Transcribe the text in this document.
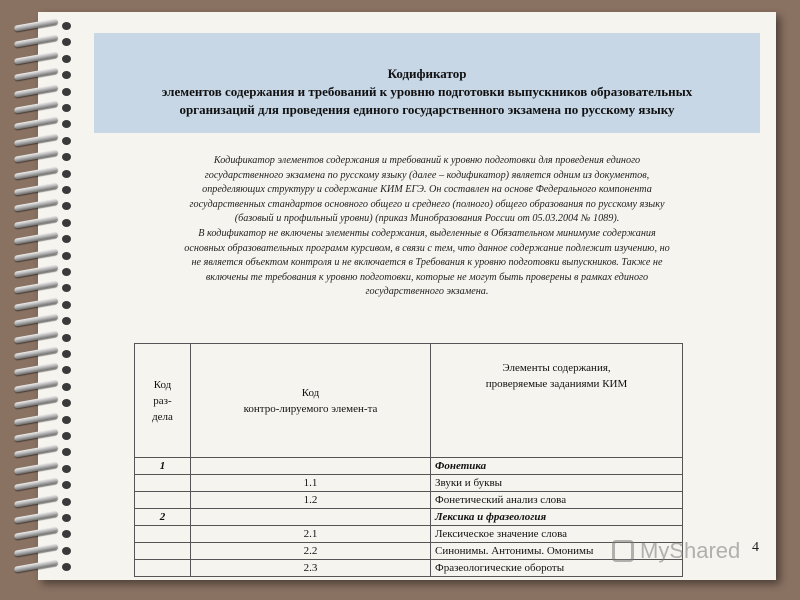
Кодификатор
элементов содержания и требований к уровню подготовки выпускников образовательных
организаций для проведения единого государственного экзамена по русскому языку

Кодификатор элементов содержания и требований к уровню подготовки для проведения единого

государственного экзамена по русскому языку (далее – кодификатор) является одним из документов,

определяющих структуру и содержание КИМ ЕГЭ. Он составлен на основе Федерального компонента

государственных стандартов основного общего и среднего (полного) общего образования по русскому языку

(базовый и профильный уровни) (приказ Минобразования России от 05.03.2004 № 1089).

В кодификатор не включены элементы содержания, выделенные в Обязательном минимуме содержания

основных образовательных программ курсивом, в связи с тем, что данное содержание подлежит изучению, но

не является объектом контроля и не включается в Требования к уровню подготовки выпускников. Также не

включены те требования к уровню подготовки, которые не могут быть проверены в рамках единого

государственного экзамена.

Код
раз-
дела	Код
контро-лируемого элемен-та	Элементы содержания,
проверяемые заданиями КИМ
1		Фонетика
	1.1	Звуки и буквы
	1.2	Фонетический анализ слова
2		Лексика и фразеология
	2.1	Лексическое значение слова
	2.2	Синонимы. Антонимы. Омонимы
	2.3	Фразеологические обороты
MyShared 4
